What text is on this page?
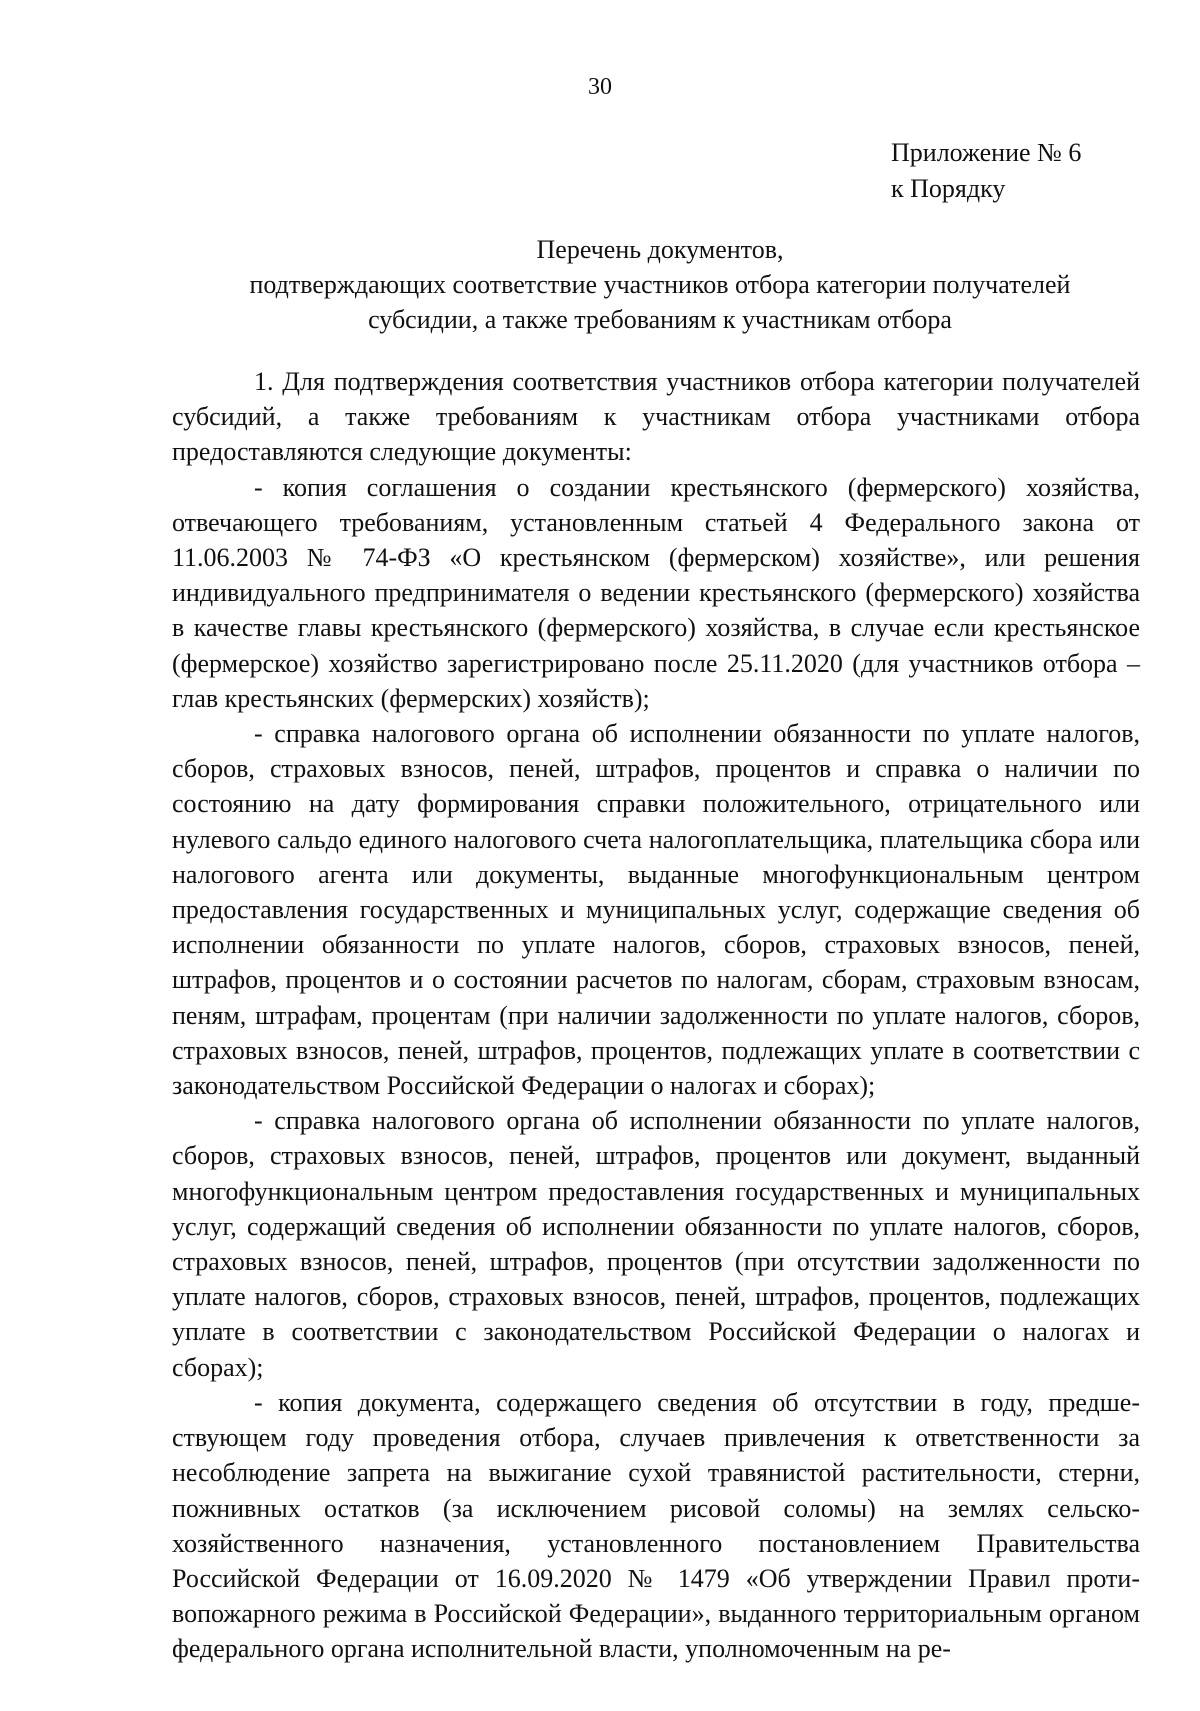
30
Приложение № 6
к Порядку
Перечень документов,
подтверждающих соответствие участников отбора категории получателей
субсидии, а также требованиям к участникам отбора

1. Для подтверждения соответствия участников отбора категории получателей субсидий, а также требованиям к участникам отбора участниками отбора предоставляются следующие документы:

- копия соглашения о создании крестьянского (фермерского) хозяйства, отвечающего требованиям, установленным статьей 4 Федерального закона от 11.06.2003 № 74-ФЗ «О крестьянском (фермерском) хозяйстве», или решения индивидуального предпринимателя о ведении крестьянского (фермерского) хозяйства в качестве главы крестьянского (фермерского) хозяйства, в случае если крестьянское (фермерское) хозяйство зарегистрировано после 25.11.2020 (для участников отбора – глав крестьянских (фермерских) хозяйств);

- справка налогового органа об исполнении обязанности по уплате налогов, сборов, страховых взносов, пеней, штрафов, процентов и справка о наличии по состоянию на дату формирования справки положительного, отрицательного или нулевого сальдо единого налогового счета налогоплательщика, плательщика сбора или налогового агента или документы, выданные многофункциональным центром предоставления государственных и муниципальных услуг, содержащие сведения об исполнении обязанности по уплате налогов, сборов, страховых взносов, пеней, штрафов, процентов и о состоянии расчетов по налогам, сборам, страховым взносам, пеням, штрафам, процентам (при наличии задолженности по уплате налогов, сборов, страховых взносов, пеней, штрафов, процентов, подлежащих уплате в соответствии с законодательством Российской Федерации о налогах и сборах);

- справка налогового органа об исполнении обязанности по уплате налогов, сборов, страховых взносов, пеней, штрафов, процентов или документ, выданный многофункциональным центром предоставления государственных и муниципальных услуг, содержащий сведения об исполнении обязанности по уплате налогов, сборов, страховых взносов, пеней, штрафов, процентов (при отсутствии задолженности по уплате налогов, сборов, страховых взносов, пеней, штрафов, процентов, подлежащих уплате в соответствии с законодательством Российской Федерации о налогах и сборах);

- копия документа, содержащего сведения об отсутствии в году, предшествующем году проведения отбора, случаев привлечения к ответственности за несоблюдение запрета на выжигание сухой травянистой растительности, стерни, пожнивных остатков (за исключением рисовой соломы) на землях сельскохозяйственного назначения, установленного постановлением Правительства Российской Федерации от 16.09.2020 № 1479 «Об утверждении Правил противопожарного режима в Российской Федерации», выданного территориальным органом федерального органа исполнительной власти, уполномоченным на ре-
